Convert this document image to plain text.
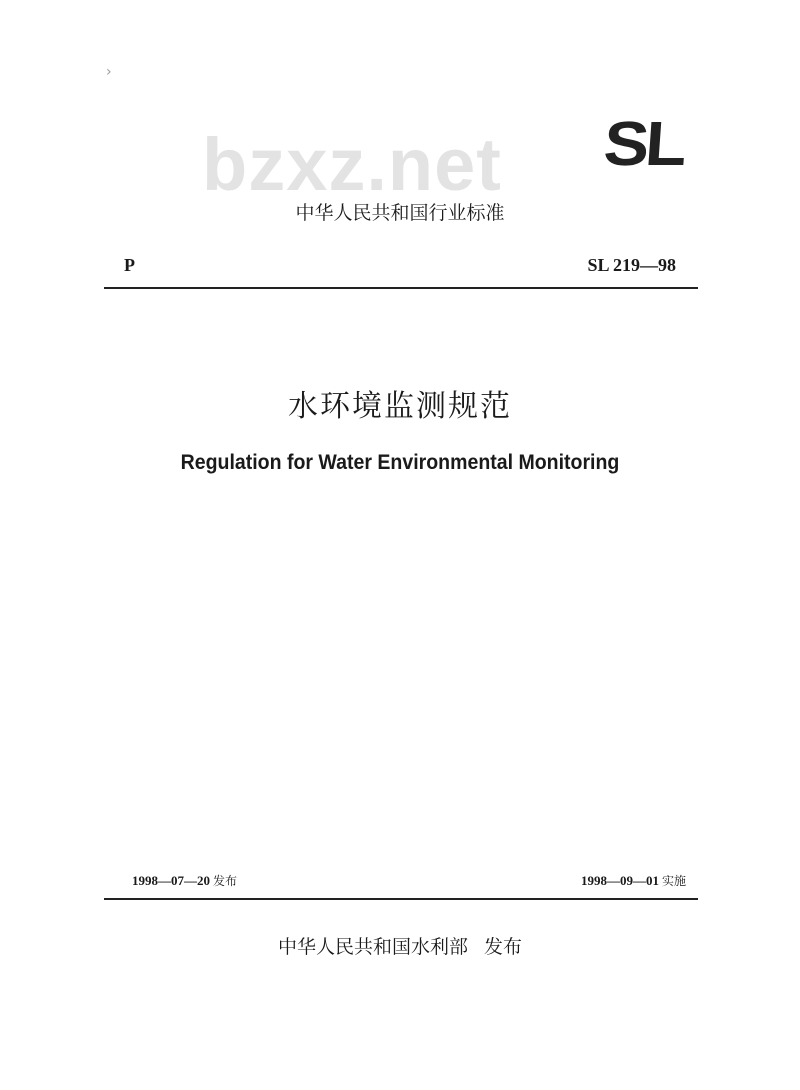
›
bzxz.net SL
中华人民共和国行业标准
P	SL 219—98
水环境监测规范
Regulation for Water Environmental Monitoring
1998—07—20 发布	1998—09—01 实施
中华人民共和国水利部 发布
